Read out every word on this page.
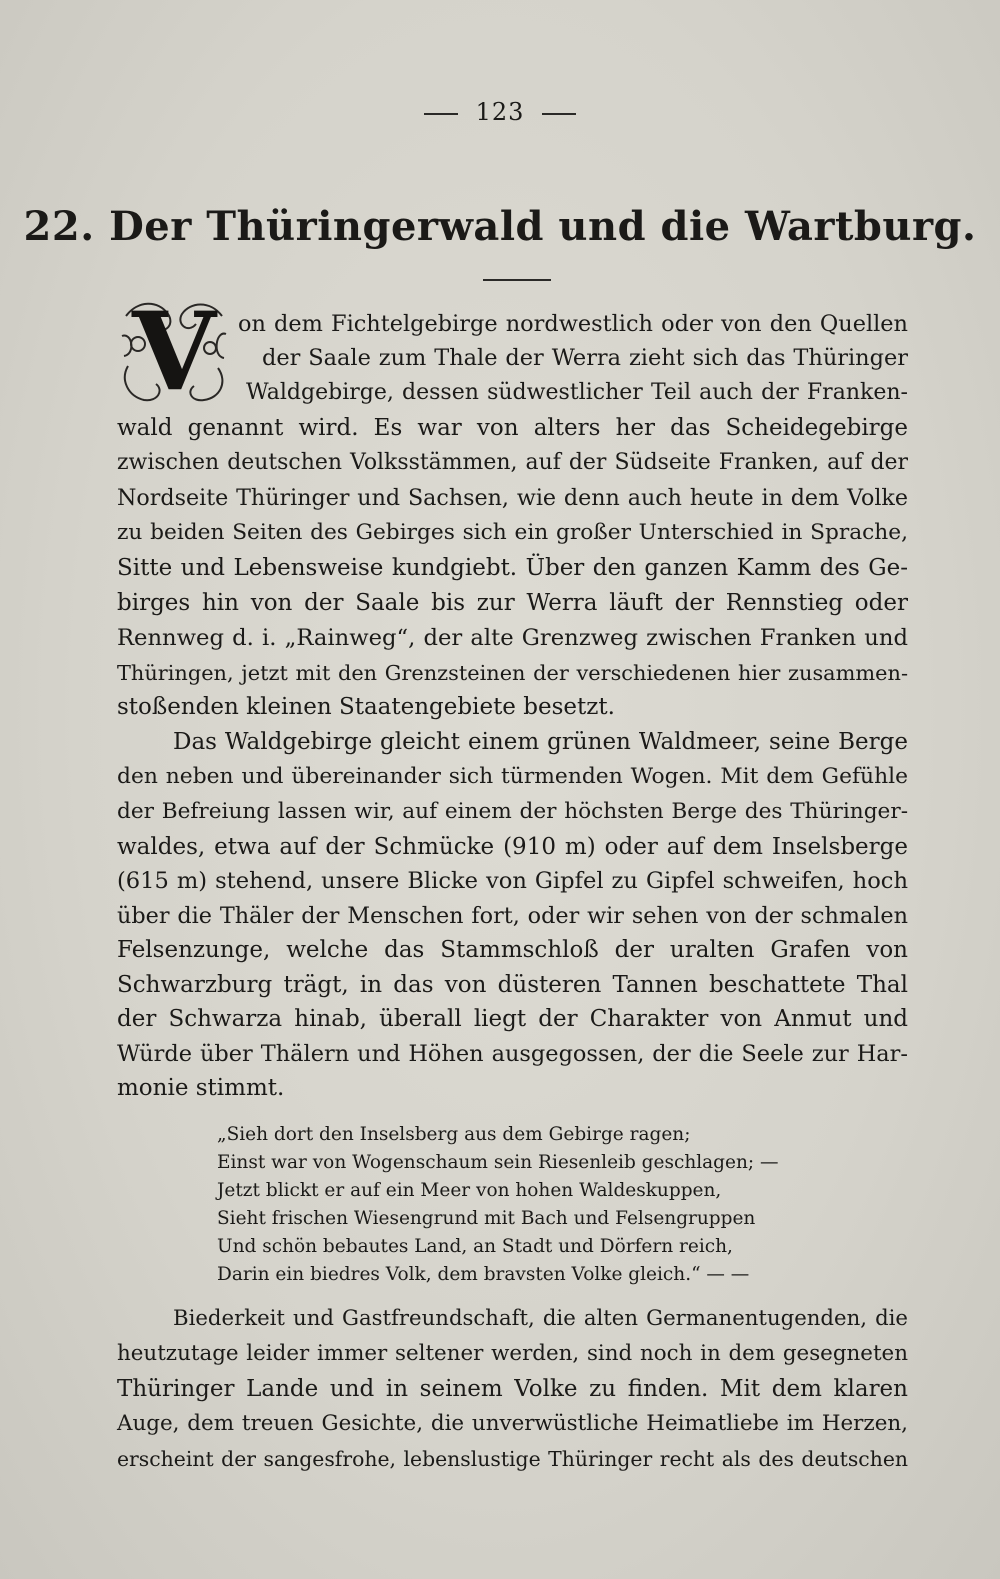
123
22. Der Thüringerwald und die Wartburg.
V on dem Fichtelgebirge nordwestlich oder von den Quellen
der Saale zum Thale der Werra zieht sich das Thüringer
Waldgebirge, dessen südwestlicher Teil auch der Franken-
wald genannt wird. Es war von alters her das Scheidegebirge
zwischen deutschen Volksstämmen, auf der Südseite Franken, auf der
Nordseite Thüringer und Sachsen, wie denn auch heute in dem Volke
zu beiden Seiten des Gebirges sich ein großer Unterschied in Sprache,
Sitte und Lebensweise kundgiebt. Über den ganzen Kamm des Ge-
birges hin von der Saale bis zur Werra läuft der Rennstieg oder
Rennweg d. i. „Rainweg“, der alte Grenzweg zwischen Franken und
Thüringen, jetzt mit den Grenzsteinen der verschiedenen hier zusammen-
stoßenden kleinen Staatengebiete besetzt.
Das Waldgebirge gleicht einem grünen Waldmeer, seine Berge
den neben und übereinander sich türmenden Wogen. Mit dem Gefühle
der Befreiung lassen wir, auf einem der höchsten Berge des Thüringer-
waldes, etwa auf der Schmücke (910 m) oder auf dem Inselsberge
(615 m) stehend, unsere Blicke von Gipfel zu Gipfel schweifen, hoch
über die Thäler der Menschen fort, oder wir sehen von der schmalen
Felsenzunge, welche das Stammschloß der uralten Grafen von
Schwarzburg trägt, in das von düsteren Tannen beschattete Thal
der Schwarza hinab, überall liegt der Charakter von Anmut und
Würde über Thälern und Höhen ausgegossen, der die Seele zur Har-
monie stimmt.
„Sieh dort den Inselsberg aus dem Gebirge ragen;
Einst war von Wogenschaum sein Riesenleib geschlagen; —
Jetzt blickt er auf ein Meer von hohen Waldeskuppen,
Sieht frischen Wiesengrund mit Bach und Felsengruppen
Und schön bebautes Land, an Stadt und Dörfern reich,
Darin ein biedres Volk, dem bravsten Volke gleich.“ — —
Biederkeit und Gastfreundschaft, die alten Germanentugenden, die
heutzutage leider immer seltener werden, sind noch in dem gesegneten
Thüringer Lande und in seinem Volke zu finden. Mit dem klaren
Auge, dem treuen Gesichte, die unverwüstliche Heimatliebe im Herzen,
erscheint der sangesfrohe, lebenslustige Thüringer recht als des deutschen
